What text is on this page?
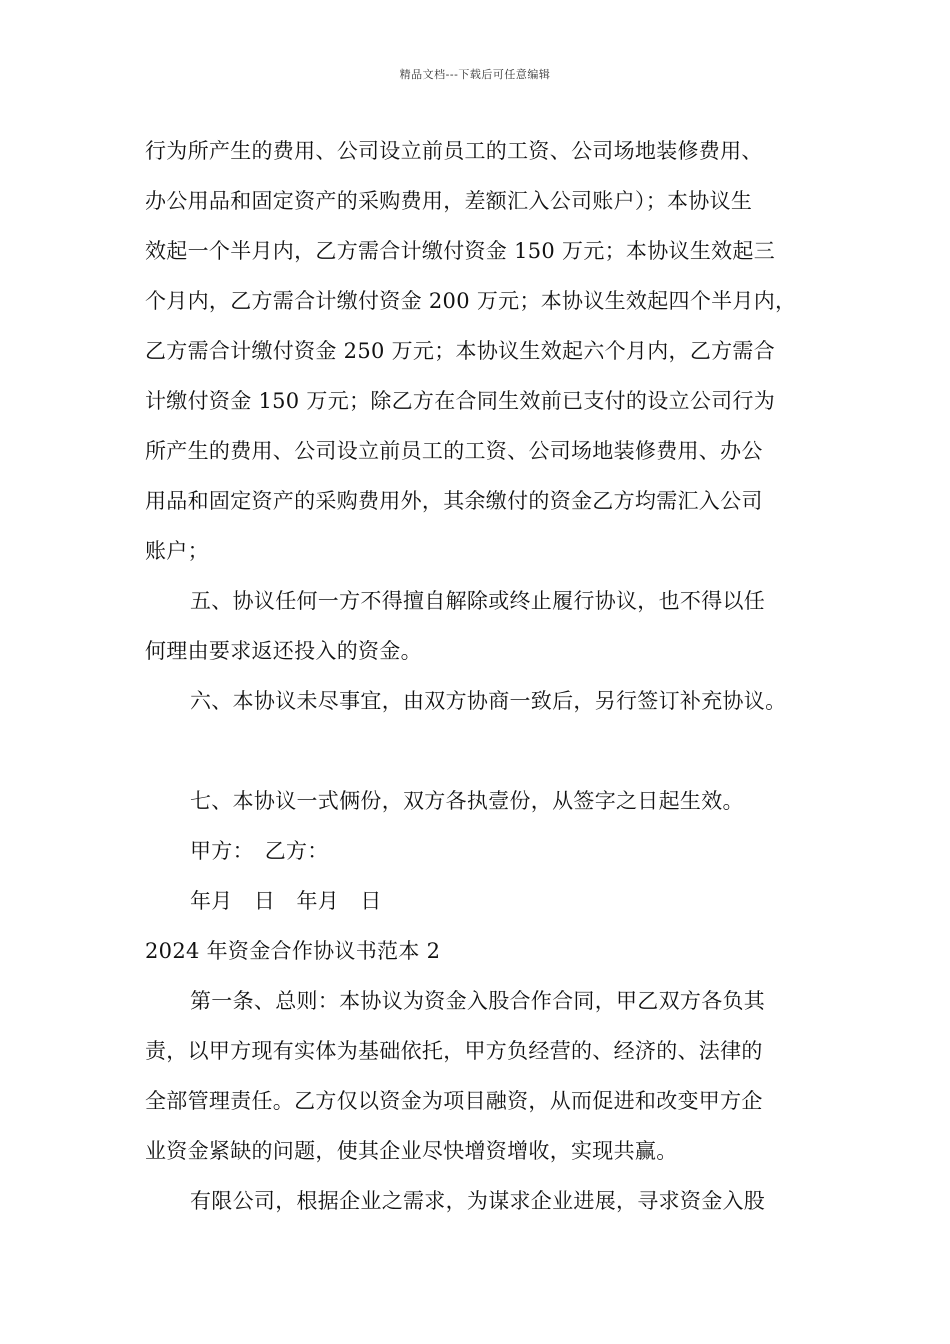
精品文档---下载后可任意编辑
行为所产生的费用、公司设立前员工的工资、公司场地装修费用、
办公用品和固定资产的采购费用，差额汇入公司账户）；本协议生
效起一个半月内，乙方需合计缴付资金 150 万元；本协议生效起三
个月内，乙方需合计缴付资金 200 万元；本协议生效起四个半月内，
乙方需合计缴付资金 250 万元；本协议生效起六个月内，乙方需合
计缴付资金 150 万元；除乙方在合同生效前已支付的设立公司行为
所产生的费用、公司设立前员工的工资、公司场地装修费用、办公
用品和固定资产的采购费用外，其余缴付的资金乙方均需汇入公司
账户；
五、协议任何一方不得擅自解除或终止履行协议，也不得以任
何理由要求返还投入的资金。
六、本协议未尽事宜，由双方协商一致后，另行签订补充协议。
七、本协议一式俩份，双方各执壹份，从签字之日起生效。
甲方：　乙方：
年月　日　年月　日
2024 年资金合作协议书范本 2
第一条、总则：本协议为资金入股合作合同，甲乙双方各负其
责，以甲方现有实体为基础依托，甲方负经营的、经济的、法律的
全部管理责任。乙方仅以资金为项目融资，从而促进和改变甲方企
业资金紧缺的问题，使其企业尽快增资增收，实现共赢。
有限公司，根据企业之需求，为谋求企业进展，寻求资金入股
